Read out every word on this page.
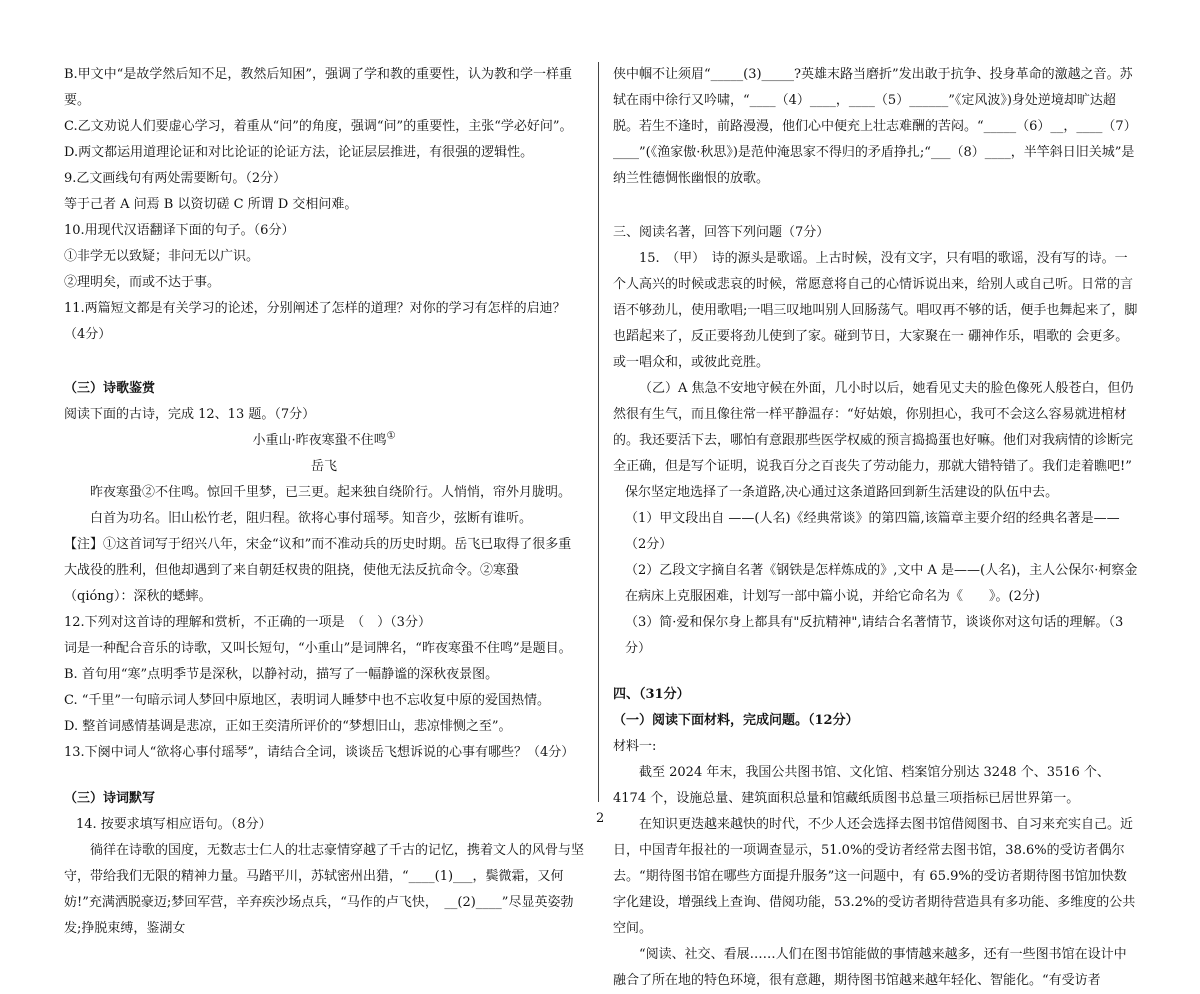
B.甲文中“是故学然后知不足，教然后知困”，强调了学和教的重要性，认为教和学一样重要。

C.乙文劝说人们要虚心学习，着重从“问”的角度，强调“问”的重要性，主张“学必好问”。

D.两文都运用道理论证和对比论证的论证方法，论证层层推进，有很强的逻辑性。

9.乙文画线句有两处需要断句。（2分）

等于己者 A 问焉 B 以资切磋 C 所谓 D 交相问难。

10.用现代汉语翻译下面的句子。（6分）

①非学无以致疑；非问无以广识。

②理明矣，而或不达于事。

11.两篇短文都是有关学习的论述，分别阐述了怎样的道理？对你的学习有怎样的启迪？（4分）

（三）诗歌鉴赏

阅读下面的古诗，完成 12、13 题。（7分）

小重山·昨夜寒蛩不住鸣①

岳飞

昨夜寒蛩②不住鸣。惊回千里梦，已三更。起来独自绕阶行。人悄悄，帘外月胧明。

白首为功名。旧山松竹老，阻归程。欲将心事付瑶琴。知音少，弦断有谁听。

【注】①这首词写于绍兴八年，宋金“议和”而不准动兵的历史时期。岳飞已取得了很多重大战役的胜利，但他却遇到了来自朝廷权贵的阻挠，使他无法反抗命令。②寒蛩（qióng）：深秋的蟋蟀。

12.下列对这首诗的理解和赏析，不正确的一项是　（　）（3分）

词是一种配合音乐的诗歌，又叫长短句，“小重山”是词牌名，“昨夜寒蛩不住鸣”是题目。

B. 首句用“寒”点明季节是深秋，以静衬动，描写了一幅静谧的深秋夜景图。

C. “千里”一句暗示词人梦回中原地区，表明词人睡梦中也不忘收复中原的爱国热情。

D. 整首词感情基调是悲凉，正如王奕清所评价的“梦想旧山，悲凉悱恻之至”。

13.下阕中词人“欲将心事付瑶琴”，请结合全词，谈谈岳飞想诉说的心事有哪些？（4分）

（三）诗词默写

14. 按要求填写相应语句。（8分）

徜徉在诗歌的国度，无数志士仁人的壮志豪情穿越了千古的记忆，携着文人的风骨与坚守，带给我们无限的精神力量。马踏平川，苏轼密州出猎，“____(1)___，鬓微霜，又何妨!”充满洒脱豪迈;梦回军营，辛弃疾沙场点兵，“马作的卢飞快，　__(2)____”尽显英姿勃发;挣脱束缚，鉴湖女

侠中帼不让须眉“_____(3)_____?英雄末路当磨折”发出敢于抗争、投身革命的激越之音。苏轼在雨中徐行又吟啸，“____（4）____，____（5）______”《定风波》)身处逆境却旷达超脱。若生不逢时，前路漫漫，他们心中便充上壮志难酬的苦闷。“_____（6）__，____（7）____”(《渔家傲·秋思》)是范仲淹思家不得归的矛盾挣扎;“___（8）____，半竿斜日旧关城”是纳兰性德惆怅幽恨的放歌。

三、阅读名著，回答下列问题（7分）

15.　（甲）　诗的源头是歌谣。上古时候，没有文字，只有唱的歌谣，没有写的诗。一个人高兴的时候或悲哀的时候，常愿意将自己的心情诉说出来，给别人或自己听。日常的言语不够劲儿，使用歌唱;一唱三叹地叫别人回肠荡气。唱叹再不够的话，便手也舞起来了，脚也蹈起来了，反正要将劲儿使到了家。碰到节日，大家聚在一 硼神作乐，唱歌的 会更多。或一唱众和，或彼此竞胜。

（乙）A 焦急不安地守候在外面，几小时以后，她看见丈夫的脸色像死人般苍白，但仍然很有生气，而且像往常一样平静温存：“好姑娘，你别担心，我可不会这么容易就进棺材的。我还要活下去，哪怕有意跟那些医学权威的预言捣捣蛋也好嘛。他们对我病情的诊断完全正确，但是写个证明，说我百分之百丧失了劳动能力，那就大错特错了。我们走着瞧吧!”

保尔坚定地选择了一条道路,决心通过这条道路回到新生活建设的队伍中去。

（1）甲文段出自 ——(人名)《经典常谈》的第四篇,该篇章主要介绍的经典名著是——（2分）

（2）乙段文字摘自名著《钢铁是怎样炼成的》,文中 A 是——(人名)，主人公保尔·柯察金在病床上克服困难，计划写一部中篇小说，并给它命名为《　　》。(2分)

（3）简·爱和保尔身上都具有"反抗精神",请结合名著情节，谈谈你对这句话的理解。（3分）

四、（31分）

（一）阅读下面材料，完成问题。（12分）

材料一:

截至 2024 年末，我国公共图书馆、文化馆、档案馆分别达 3248 个、3516 个、4174 个，设施总量、建筑面积总量和馆藏纸质图书总量三项指标已居世界第一。

在知识更迭越来越快的时代，不少人还会选择去图书馆借阅图书、自习来充实自己。近日，中国青年报社的一项调查显示，51.0%的受访者经常去图书馆，38.6%的受访者偶尔去。“期待图书馆在哪些方面提升服务”这一问题中，有 65.9%的受访者期待图书馆加快数字化建设，增强线上查询、借阅功能，53.2%的受访者期待营造具有多功能、多维度的公共空间。

“阅读、社交、看展……人们在图书馆能做的事情越来越多，还有一些图书馆在设计中融合了所在地的特色环境，很有意趣，期待图书馆越来越年轻化、智能化。“有受访者

2
